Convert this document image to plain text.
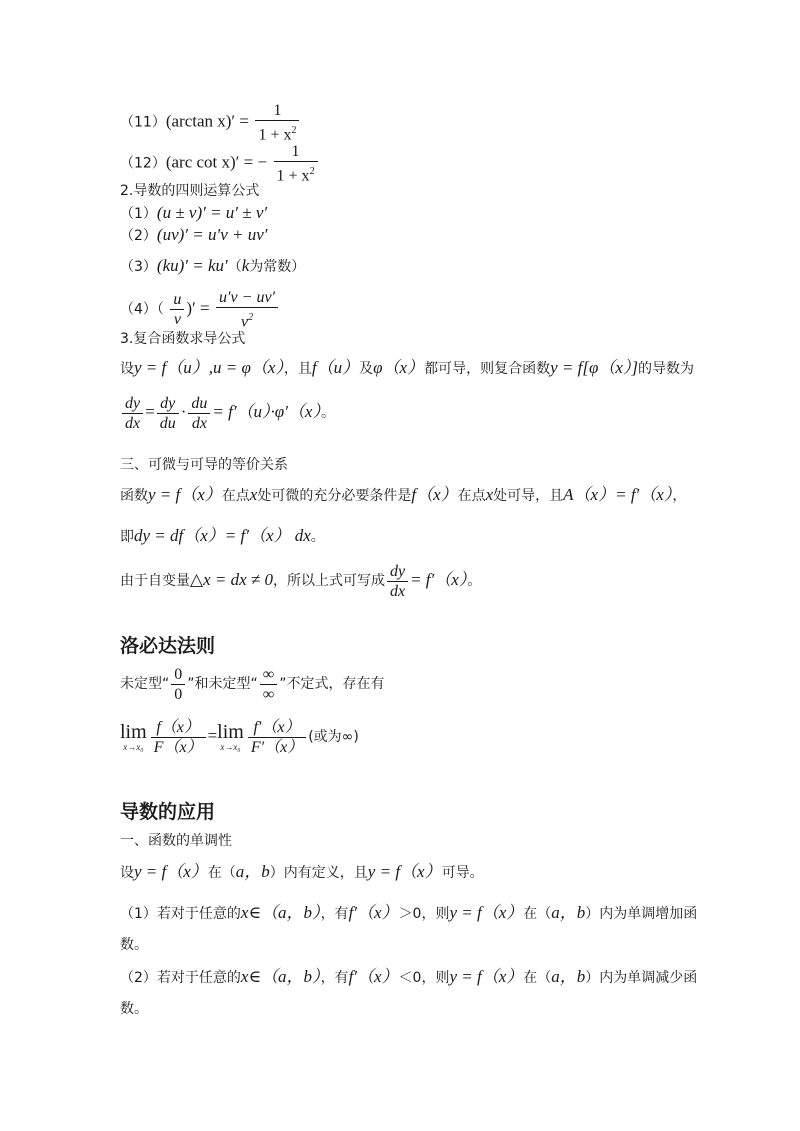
（11）(arctan $x)' = \frac{1}{1 + x^2}$
（12）(arc cot x)′ = − $\frac{1}{1 + x^2}$
2.导数的四则运算公式
（1）(u ± v)′ = u′ ± v′
（2）(uv)′ = u′v + uv′
（3）(ku)′ = ku′（k为常数）
$(4)( \frac{u}{v}$ )′ = $\frac{u'v - uv'}{v^2}$
3.复合函数求导公式
设y = f（u）,u = φ（x），且f（u）及φ（x）都可导，则复合函数y = f[φ（x）]的导数为
$\frac{dy}{dx} = \frac{dy}{du} \cdot \frac{du}{dx} = f'(u)\cdot\varphi'(x)$。
三、可微与可导的等价关系
函数y = f（x）在点x处可微的充分必要条件是f（x）在点x处可导，且A（x）= f′（x），
即dy = df（x）= f′（x） dx。
由于自变量△x = dx ≠ 0，所以上式可写成 $\frac{dy}{dx} = f'(x)$。
洛必达法则
未定型“ $\frac{0}{0}$ ”和未定型“ $\frac{\infty}{\infty}$ ”不定式，存在有
lim
$x\to x_0 \frac{f(x)}{F(x)} = \lim$
$x\to x_0 \frac{f'(x)}{F'(x)}$ (或为∞)
导数的应用
一、函数的单调性
设y = f（x）在（a，b）内有定义，且y = f（x）可导。
（1）若对于任意的x∈（a，b），有f′（x）＞0，则y = f（x）在（a，b）内为单调增加函
数。
（2）若对于任意的x∈（a，b），有f′（x）＜0，则y = f（x）在（a，b）内为单调减少函
数。
